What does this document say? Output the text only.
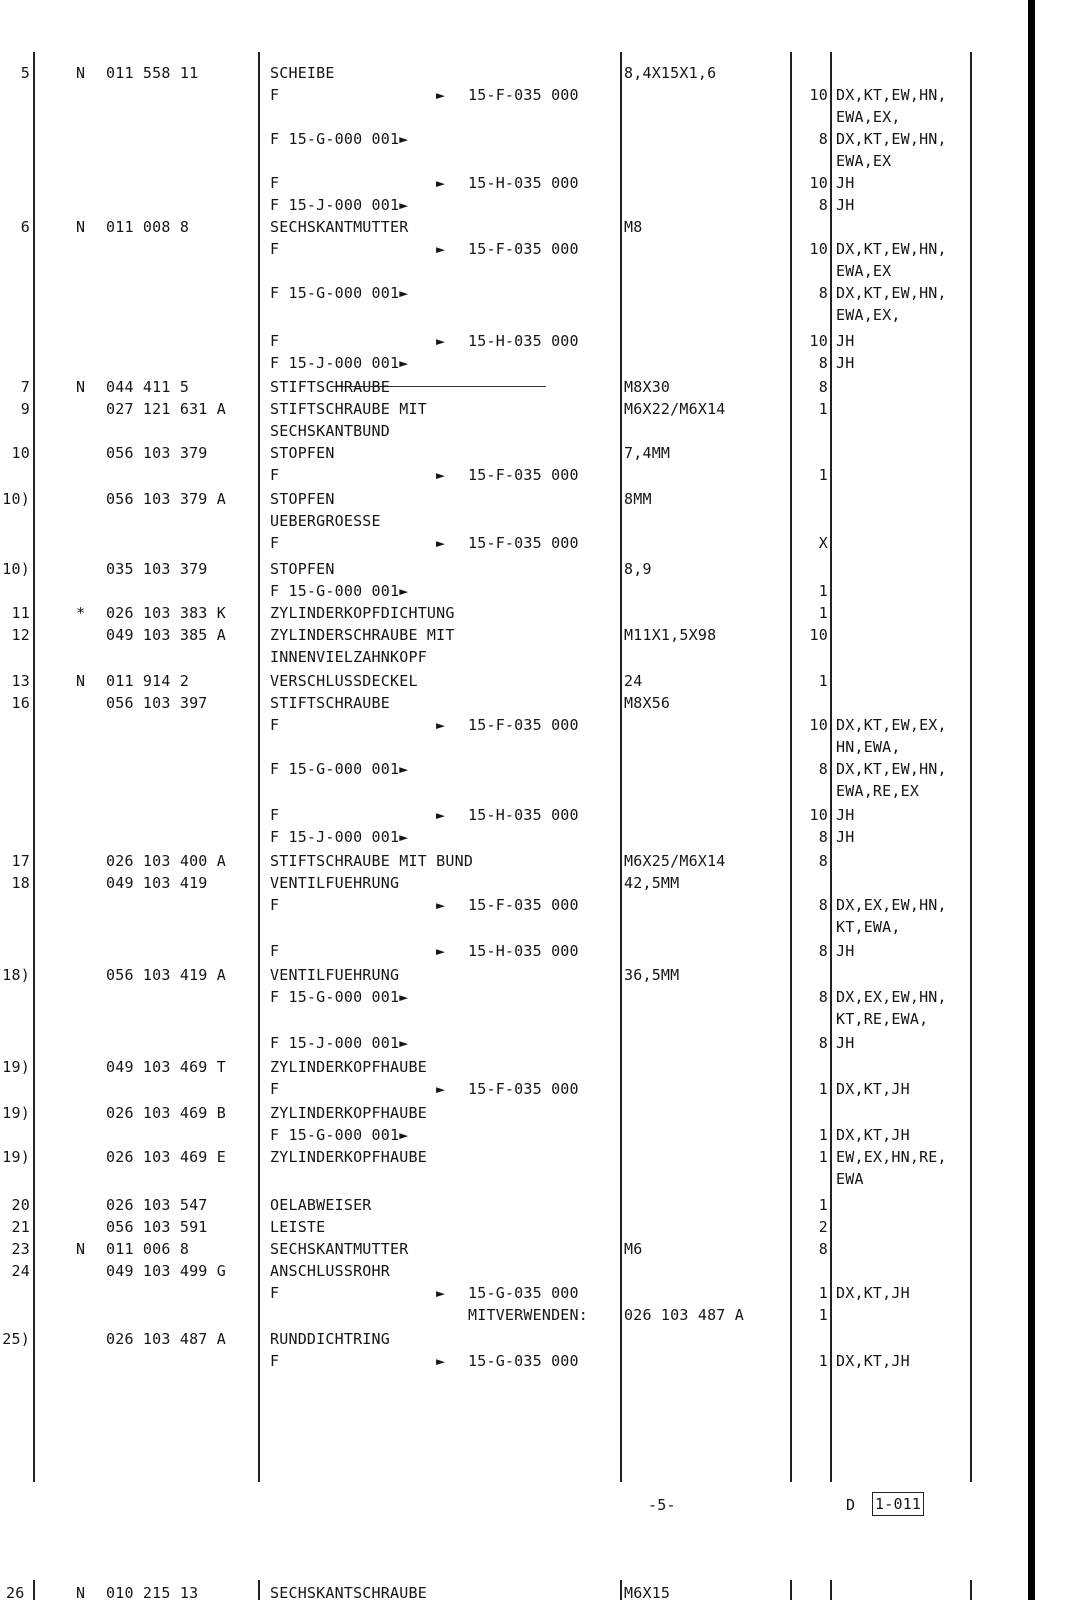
5	N 011 558 11	SCHEIBE	8,4X15X1,6
F	► 15-F-035 000	10 DX,KT,EW,HN,
EWA,EX,
F 15-G-000 001►	8 DX,KT,EW,HN,
EWA,EX
F	► 15-H-035 000	10 JH
F 15-J-000 001►	8 JH
6	N 011 008 8	SECHSKANTMUTTER	M8
F	► 15-F-035 000	10 DX,KT,EW,HN,
EWA,EX
F 15-G-000 001►	8 DX,KT,EW,HN,
EWA,EX,
F	► 15-H-035 000	10 JH
F 15-J-000 001►	8 JH
7	N 044 411 5	STIFTSCHRAUBE	M8X30	8
9	027 121 631 A	STIFTSCHRAUBE MIT	M6X22/M6X14	1
SECHSKANTBUND
10	056 103 379	STOPFEN	7,4MM
F	► 15-F-035 000	1
10)	056 103 379 A	STOPFEN	8MM
UEBERGROESSE
F	► 15-F-035 000	X
10)	035 103 379	STOPFEN	8,9
F 15-G-000 001►	1
11	* 026 103 383 K	ZYLINDERKOPFDICHTUNG	1
12	049 103 385 A	ZYLINDERSCHRAUBE MIT	M11X1,5X98	10
INNENVIELZAHNKOPF
13	N 011 914 2	VERSCHLUSSDECKEL	24	1
16	056 103 397	STIFTSCHRAUBE	M8X56
F	► 15-F-035 000	10 DX,KT,EW,EX,
HN,EWA,
F 15-G-000 001►	8 DX,KT,EW,HN,
EWA,RE,EX
F	► 15-H-035 000	10 JH
F 15-J-000 001►	8 JH
17	026 103 400 A	STIFTSCHRAUBE MIT BUND	M6X25/M6X14	8
18	049 103 419	VENTILFUEHRUNG	42,5MM
F	► 15-F-035 000	8 DX,EX,EW,HN,
KT,EWA,
F	► 15-H-035 000	8 JH
18)	056 103 419 A	VENTILFUEHRUNG	36,5MM
F 15-G-000 001►	8 DX,EX,EW,HN,
KT,RE,EWA,
F 15-J-000 001►	8 JH
19)	049 103 469 T	ZYLINDERKOPFHAUBE
F	► 15-F-035 000	1 DX,KT,JH
19)	026 103 469 B	ZYLINDERKOPFHAUBE
F 15-G-000 001►	1 DX,KT,JH
19)	026 103 469 E	ZYLINDERKOPFHAUBE	1 EW,EX,HN,RE,
EWA
20	026 103 547	OELABWEISER	1
21	056 103 591	LEISTE	2
23	N 011 006 8	SECHSKANTMUTTER	M6	8
24	049 103 499 G	ANSCHLUSSROHR
F	► 15-G-035 000	1 DX,KT,JH
MITVERWENDEN: 026 103 487 A	1
25)	026 103 487 A	RUNDDICHTRING
F	► 15-G-035 000	1 DX,KT,JH
-5-	D 1-011
26	N 010 215 13	SECHSKANTSCHRAUBE	M6X15
